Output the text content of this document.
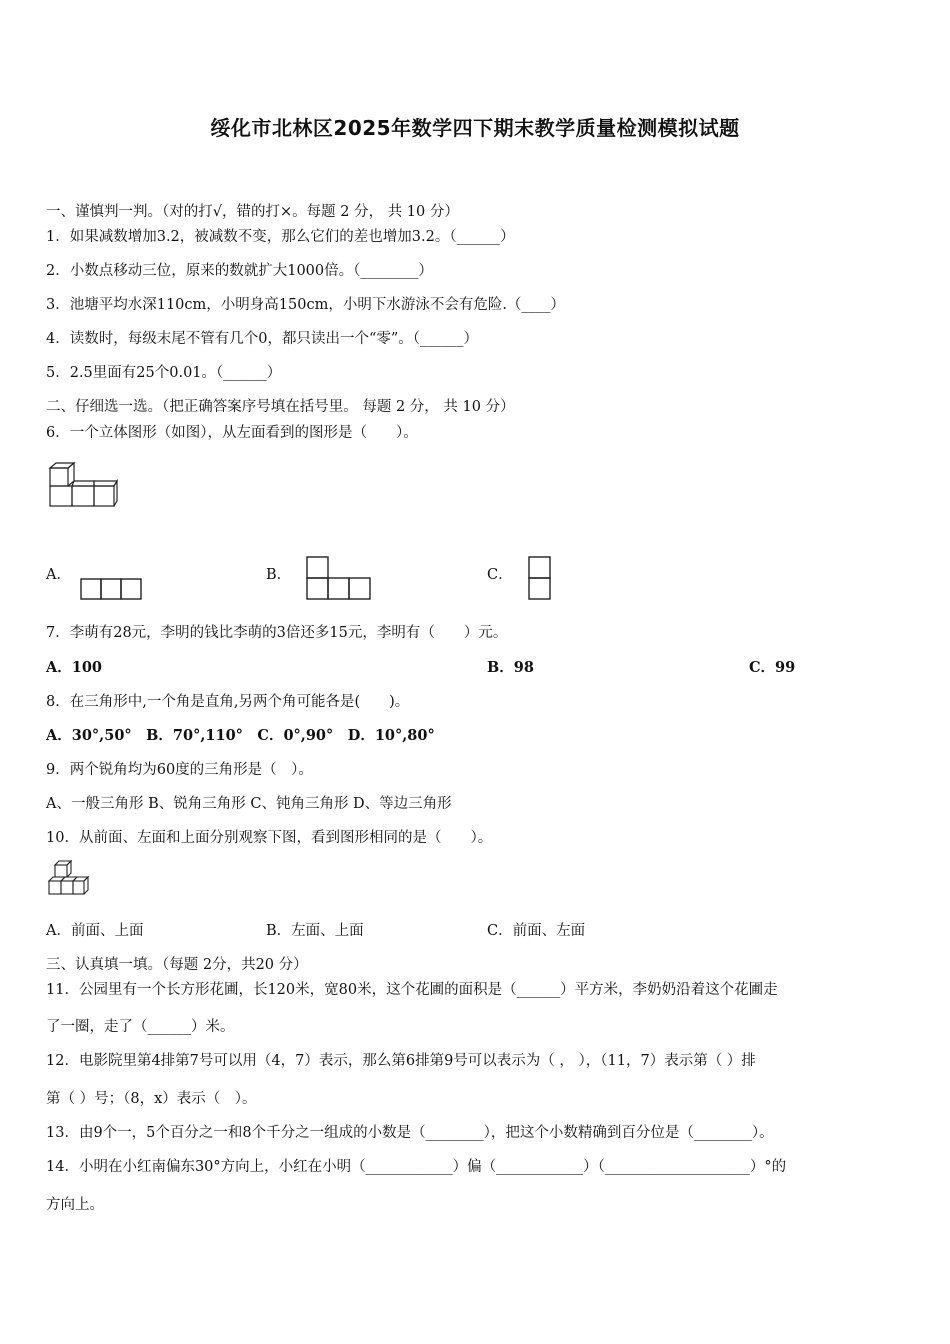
绥化市北林区2025年数学四下期末教学质量检测模拟试题
一、谨慎判一判。（对的打√，错的打×。每题 2 分， 共 10 分）
1．如果减数增加3.2，被减数不变，那么它们的差也增加3.2。（______）
2．小数点移动三位，原来的数就扩大1000倍。（________）
3．池塘平均水深110cm，小明身高150cm，小明下水游泳不会有危险.（____）
4．读数时，每级末尾不管有几个0，都只读出一个“零”。（______）
5．2.5里面有25个0.01。（______）
二、仔细选一选。（把正确答案序号填在括号里。 每题 2 分， 共 10 分）
6．一个立体图形（如图），从左面看到的图形是（　　）。
A．	B．	C．
7．李萌有28元，李明的钱比李萌的3倍还多15元，李明有（　　）元。
A．100	B．98	C．99
8．在三角形中,一个角是直角,另两个角可能各是(　　)。
A．30°,50°　B．70°,110°　C．0°,90°　D．10°,80°
9．两个锐角均为60度的三角形是（　）。
A、一般三角形 B、锐角三角形 C、钝角三角形 D、等边三角形
10．从前面、左面和上面分别观察下图，看到图形相同的是（　　）。
A．前面、上面	B．左面、上面	C．前面、左面
三、认真填一填。（每题 2分，共20 分）
11．公园里有一个长方形花圃，长120米，宽80米，这个花圃的面积是（______）平方米，李奶奶沿着这个花圃走
了一圈，走了（______）米。
12．电影院里第4排第7号可以用（4，7）表示，那么第6排第9号可以表示为（ ， ），（11，7）表示第（ ）排
第（ ）号；（8，x）表示（　）。
13．由9个一，5个百分之一和8个千分之一组成的小数是（________），把这个小数精确到百分位是（________）。
14．小明在小红南偏东30°方向上，小红在小明（____________）偏（____________）（____________________）°的
方向上。
